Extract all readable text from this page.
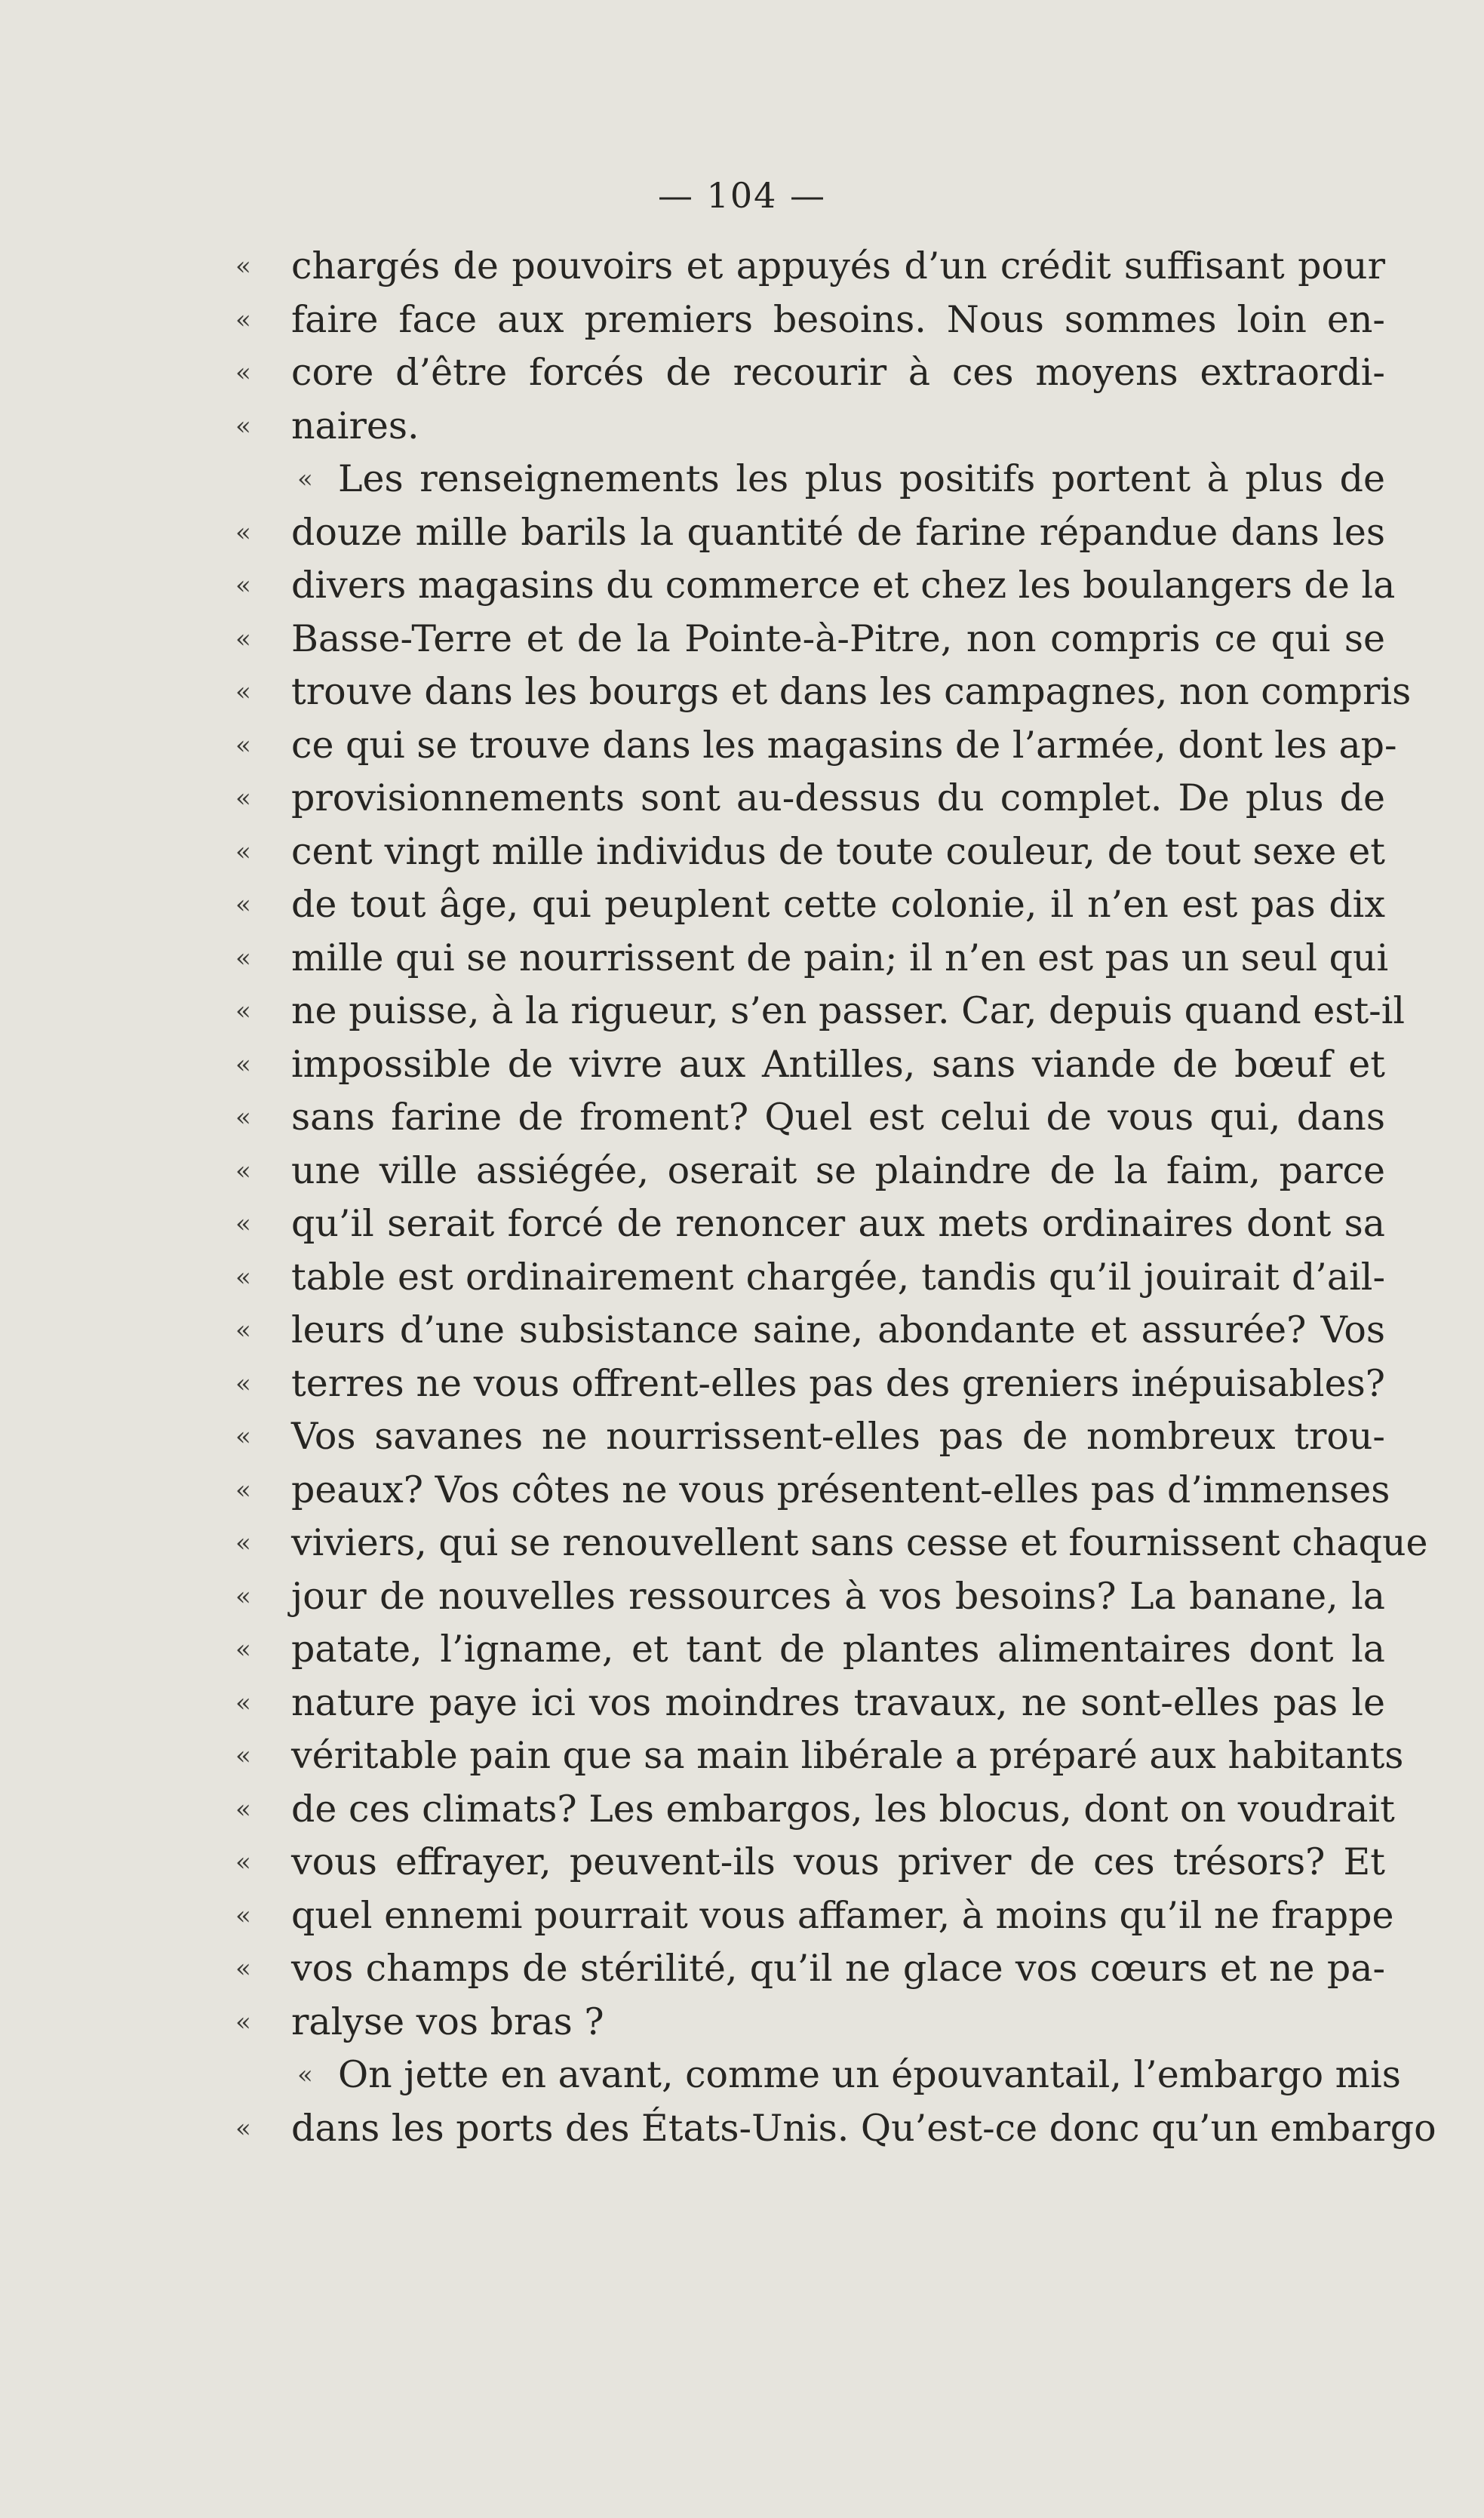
— 104 —
« chargés de pouvoirs et appuyés d’un crédit suffisant pour
« faire face aux premiers besoins. Nous sommes loin en-
« core d’être forcés de recourir à ces moyens extraordi-
« naires.
« Les renseignements les plus positifs portent à plus de
« douze mille barils la quantité de farine répandue dans les
« divers magasins du commerce et chez les boulangers de la
« Basse-Terre et de la Pointe-à-Pitre, non compris ce qui se
« trouve dans les bourgs et dans les campagnes, non compris
« ce qui se trouve dans les magasins de l’armée, dont les ap-
« provisionnements sont au-dessus du complet. De plus de
« cent vingt mille individus de toute couleur, de tout sexe et
« de tout âge, qui peuplent cette colonie, il n’en est pas dix
« mille qui se nourrissent de pain; il n’en est pas un seul qui
« ne puisse, à la rigueur, s’en passer. Car, depuis quand est-il
« impossible de vivre aux Antilles, sans viande de bœuf et
« sans farine de froment? Quel est celui de vous qui, dans
« une ville assiégée, oserait se plaindre de la faim, parce
« qu’il serait forcé de renoncer aux mets ordinaires dont sa
« table est ordinairement chargée, tandis qu’il jouirait d’ail-
« leurs d’une subsistance saine, abondante et assurée? Vos
« terres ne vous offrent-elles pas des greniers inépuisables?
« Vos savanes ne nourrissent-elles pas de nombreux trou-
« peaux? Vos côtes ne vous présentent-elles pas d’immenses
« viviers, qui se renouvellent sans cesse et fournissent chaque
« jour de nouvelles ressources à vos besoins? La banane, la
« patate, l’igname, et tant de plantes alimentaires dont la
« nature paye ici vos moindres travaux, ne sont-elles pas le
« véritable pain que sa main libérale a préparé aux habitants
« de ces climats? Les embargos, les blocus, dont on voudrait
« vous effrayer, peuvent-ils vous priver de ces trésors? Et
« quel ennemi pourrait vous affamer, à moins qu’il ne frappe
« vos champs de stérilité, qu’il ne glace vos cœurs et ne pa-
« ralyse vos bras ?
« On jette en avant, comme un épouvantail, l’embargo mis
« dans les ports des États-Unis. Qu’est-ce donc qu’un embargo
